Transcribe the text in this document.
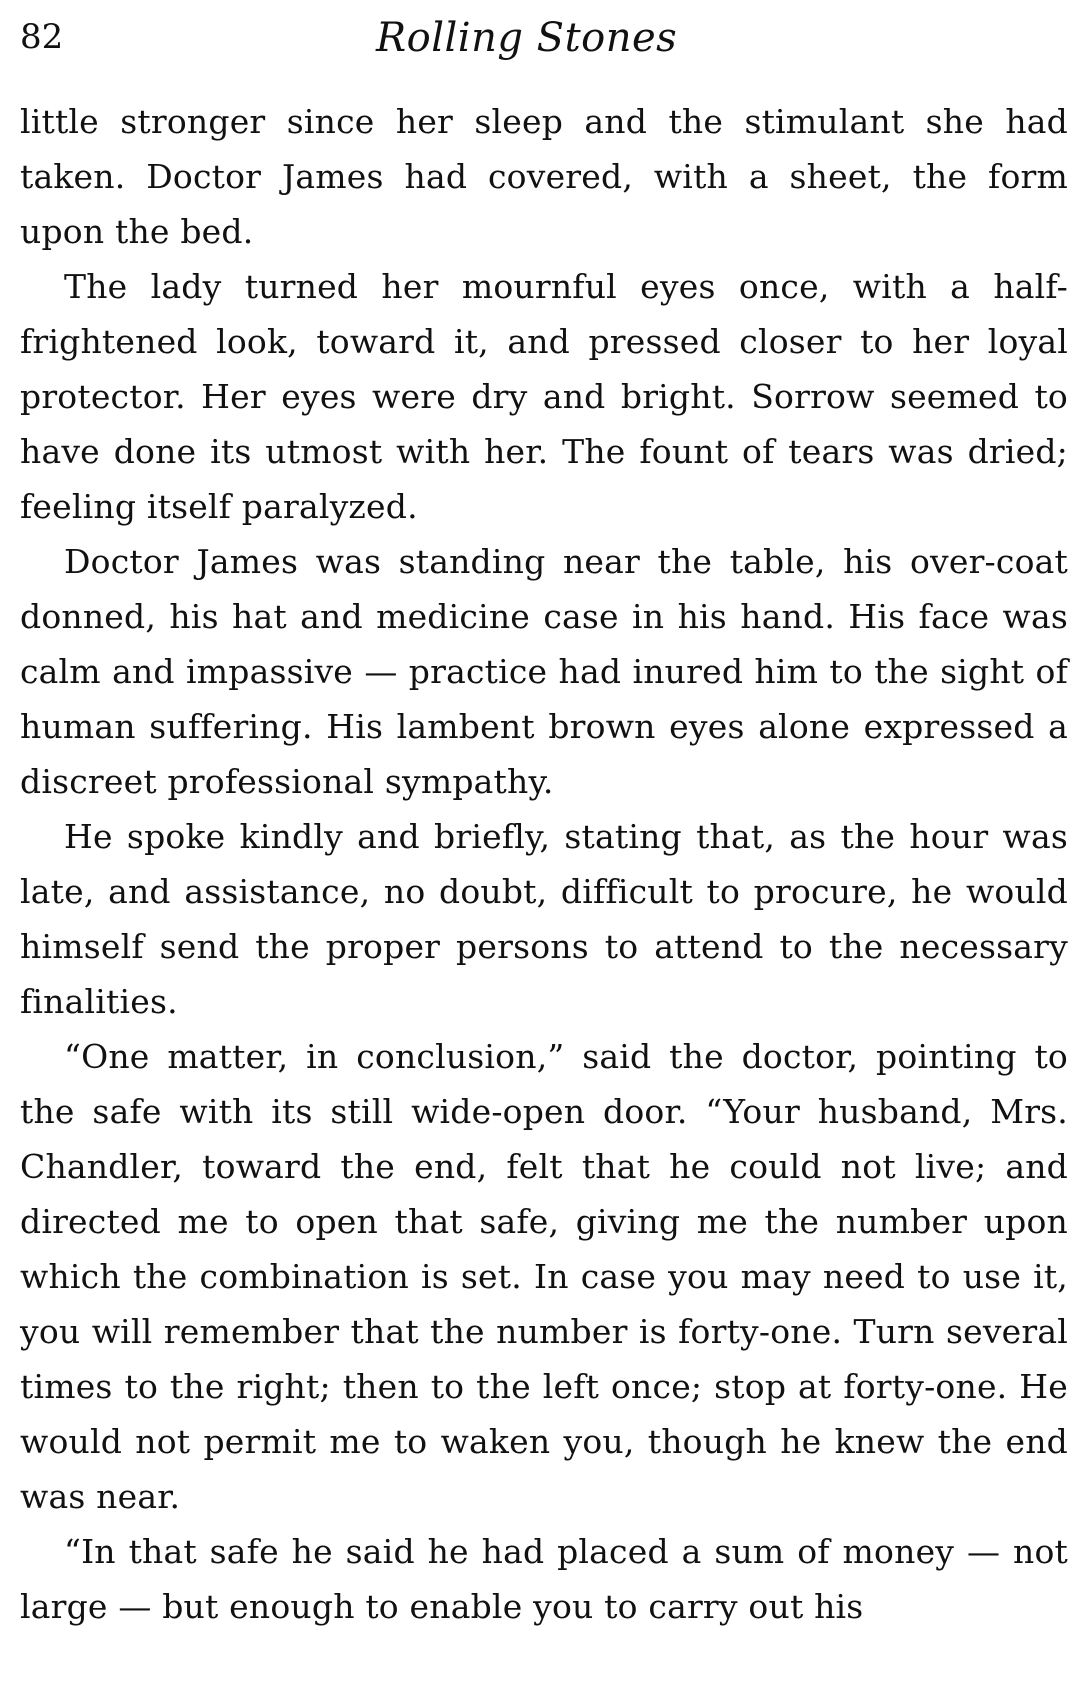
82	Rolling Stones

little stronger since her sleep and the stimulant she had taken. Doctor James had covered, with a sheet, the form upon the bed.

The lady turned her mournful eyes once, with a half-frightened look, toward it, and pressed closer to her loyal protector. Her eyes were dry and bright. Sorrow seemed to have done its utmost with her. The fount of tears was dried; feeling itself paralyzed.

Doctor James was standing near the table, his over-coat donned, his hat and medicine case in his hand. His face was calm and impassive — practice had inured him to the sight of human suffering. His lambent brown eyes alone expressed a discreet professional sympathy.

He spoke kindly and briefly, stating that, as the hour was late, and assistance, no doubt, difficult to procure, he would himself send the proper persons to attend to the necessary finalities.

“One matter, in conclusion,” said the doctor, pointing to the safe with its still wide-open door. “Your husband, Mrs. Chandler, toward the end, felt that he could not live; and directed me to open that safe, giving me the number upon which the combination is set. In case you may need to use it, you will remember that the number is forty-one. Turn several times to the right; then to the left once; stop at forty-one. He would not permit me to waken you, though he knew the end was near.

“In that safe he said he had placed a sum of money — not large — but enough to enable you to carry out his
